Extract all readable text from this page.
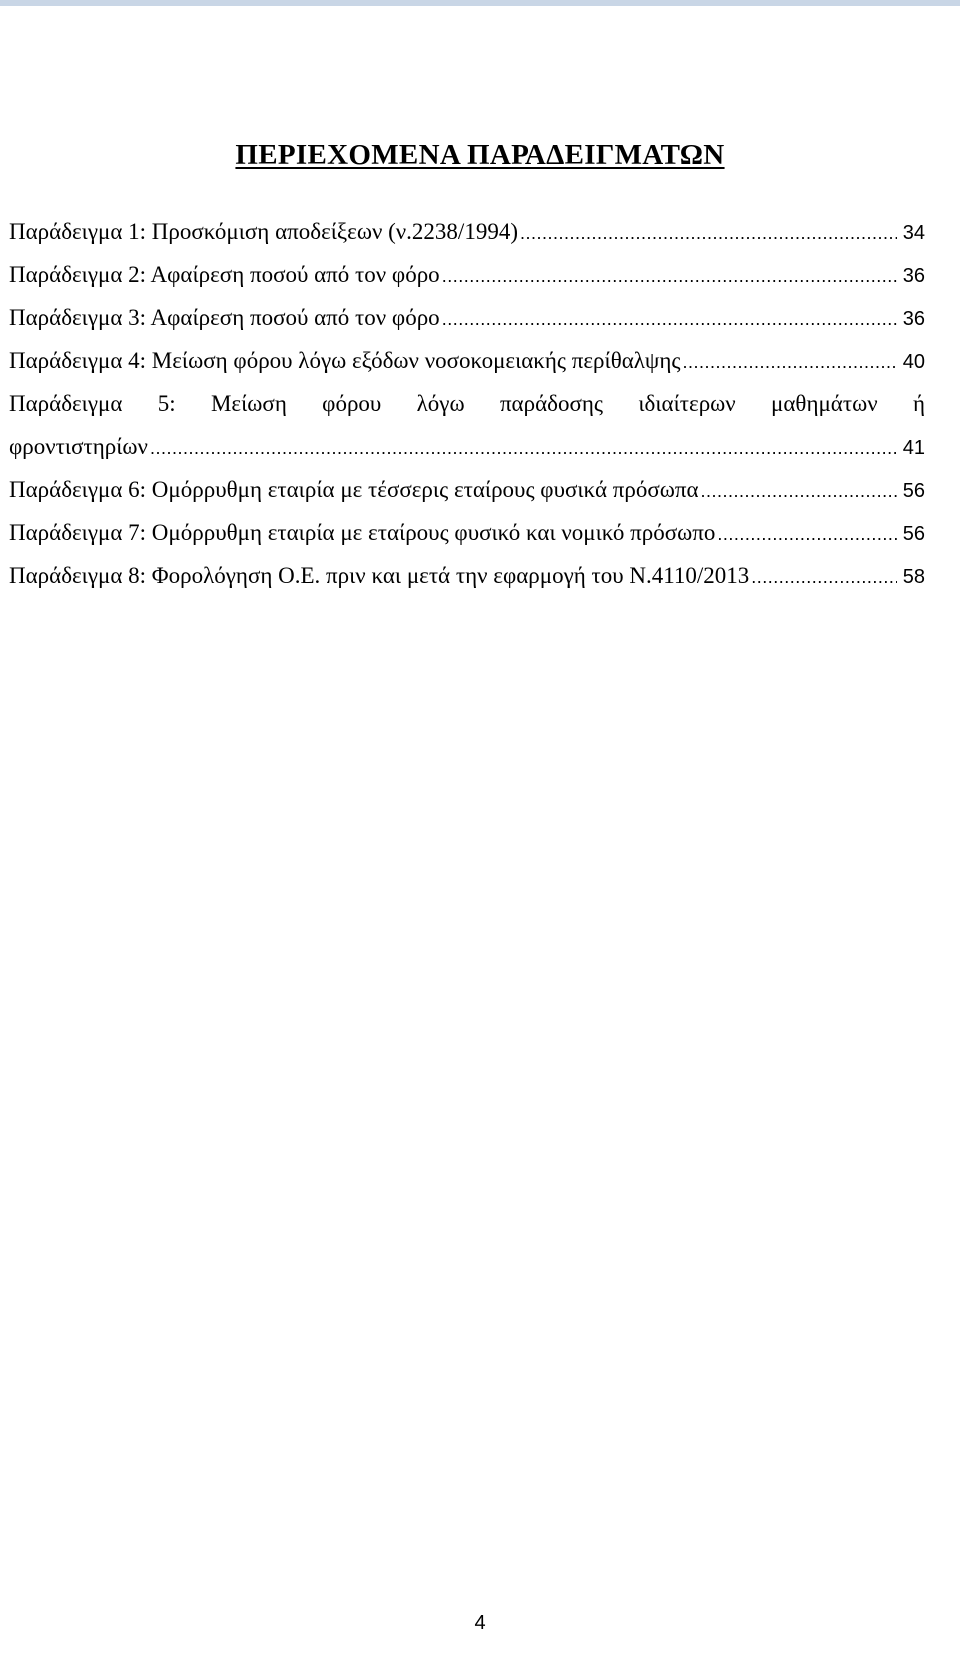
ΠΕΡΙΕΧΟΜΕΝΑ ΠΑΡΑΔΕΙΓΜΑΤΩΝ
Παράδειγμα 1: Προσκόμιση αποδείξεων (ν.2238/1994) .....	34
Παράδειγμα 2: Αφαίρεση ποσού από τον φόρο .....	36
Παράδειγμα 3: Αφαίρεση ποσού από τον φόρο .....	36
Παράδειγμα 4: Μείωση φόρου λόγω εξόδων νοσοκομειακής περίθαλψης .....	40
Παράδειγμα 5: Μείωση φόρου λόγω παράδοσης ιδιαίτερων μαθημάτων ή
φροντιστηρίων .....	41
Παράδειγμα 6: Ομόρρυθμη εταιρία με τέσσερις εταίρους φυσικά πρόσωπα .....	56
Παράδειγμα 7: Ομόρρυθμη εταιρία με εταίρους φυσικό και νομικό πρόσωπο .....	56
Παράδειγμα 8: Φορολόγηση Ο.Ε. πριν και μετά την εφαρμογή του Ν.4110/2013 .....	58
4
